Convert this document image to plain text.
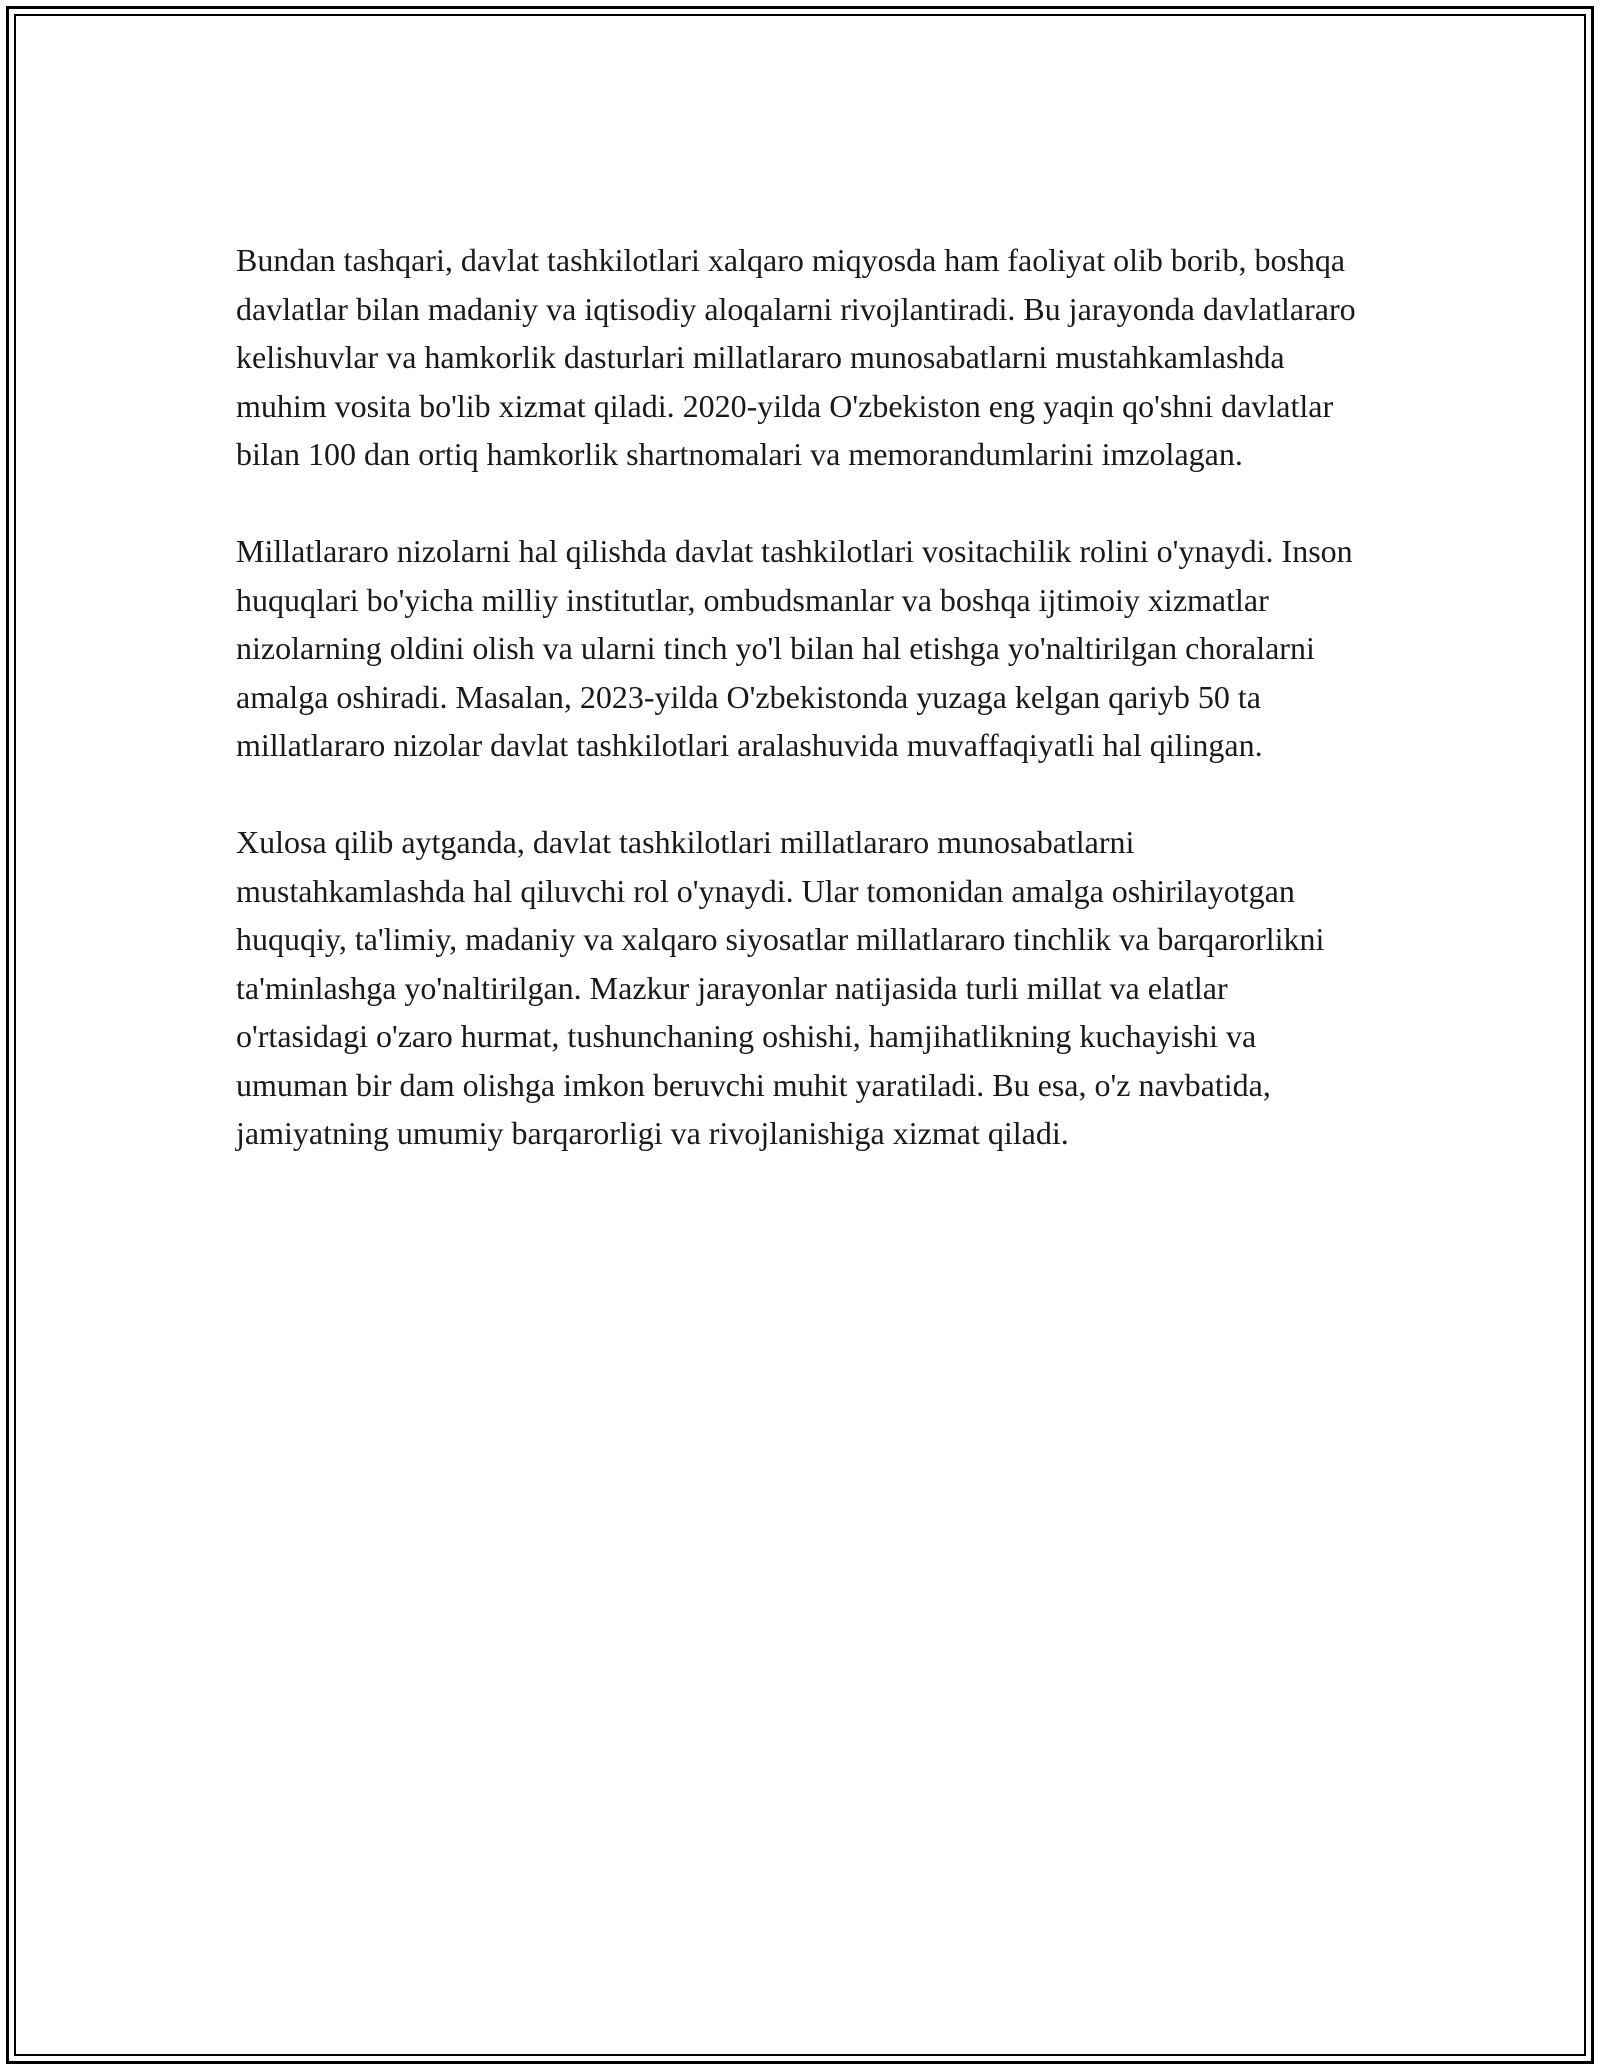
Bundan tashqari, davlat tashkilotlari xalqaro miqyosda ham faoliyat olib borib, boshqa davlatlar bilan madaniy va iqtisodiy aloqalarni rivojlantiradi. Bu jarayonda davlatlararo kelishuvlar va hamkorlik dasturlari millatlararo munosabatlarni mustahkamlashda muhim vosita bo'lib xizmat qiladi. 2020-yilda O'zbekiston eng yaqin qo'shni davlatlar bilan 100 dan ortiq hamkorlik shartnomalari va memorandumlarini imzolagan.

Millatlararo nizolarni hal qilishda davlat tashkilotlari vositachilik rolini o'ynaydi. Inson huquqlari bo'yicha milliy institutlar, ombudsmanlar va boshqa ijtimoiy xizmatlar nizolarning oldini olish va ularni tinch yo'l bilan hal etishga yo'naltirilgan choralarni amalga oshiradi. Masalan, 2023-yilda O'zbekistonda yuzaga kelgan qariyb 50 ta millatlararo nizolar davlat tashkilotlari aralashuvida muvaffaqiyatli hal qilingan.

Xulosa qilib aytganda, davlat tashkilotlari millatlararo munosabatlarni mustahkamlashda hal qiluvchi rol o'ynaydi. Ular tomonidan amalga oshirilayotgan huquqiy, ta'limiy, madaniy va xalqaro siyosatlar millatlararo tinchlik va barqarorlikni ta'minlashga yo'naltirilgan. Mazkur jarayonlar natijasida turli millat va elatlar o'rtasidagi o'zaro hurmat, tushunchaning oshishi, hamjihatlikning kuchayishi va umuman bir dam olishga imkon beruvchi muhit yaratiladi. Bu esa, o'z navbatida, jamiyatning umumiy barqarorligi va rivojlanishiga xizmat qiladi.
